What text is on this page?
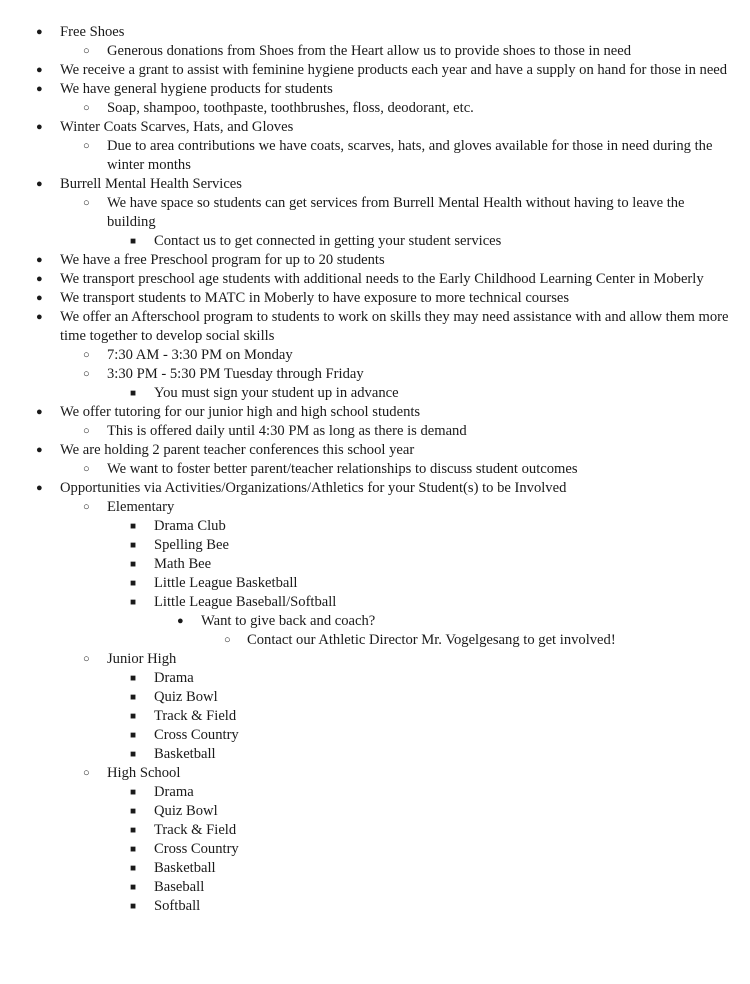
● Free Shoes
○ Generous donations from Shoes from the Heart allow us to provide shoes to those in need
● We receive a grant to assist with feminine hygiene products each year and have a supply on hand for those in need
● We have general hygiene products for students
○ Soap, shampoo, toothpaste, toothbrushes, floss, deodorant, etc.
● Winter Coats Scarves, Hats, and Gloves
○ Due to area contributions we have coats, scarves, hats, and gloves available for those in need during the winter months
● Burrell Mental Health Services
○ We have space so students can get services from Burrell Mental Health without having to leave the building
■ Contact us to get connected in getting your student services
● We have a free Preschool program for up to 20 students
● We transport preschool age students with additional needs to the Early Childhood Learning Center in Moberly
● We transport students to MATC in Moberly to have exposure to more technical courses
● We offer an Afterschool program to students to work on skills they may need assistance with and allow them more time together to develop social skills
○ 7:30 AM - 3:30 PM on Monday
○ 3:30 PM - 5:30 PM Tuesday through Friday
■ You must sign your student up in advance
● We offer tutoring for our junior high and high school students
○ This is offered daily until 4:30 PM as long as there is demand
● We are holding 2 parent teacher conferences this school year
○ We want to foster better parent/teacher relationships to discuss student outcomes
● Opportunities via Activities/Organizations/Athletics for your Student(s) to be Involved
○ Elementary
■ Drama Club
■ Spelling Bee
■ Math Bee
■ Little League Basketball
■ Little League Baseball/Softball
● Want to give back and coach?
○ Contact our Athletic Director Mr. Vogelgesang to get involved!
○ Junior High
■ Drama
■ Quiz Bowl
■ Track & Field
■ Cross Country
■ Basketball
○ High School
■ Drama
■ Quiz Bowl
■ Track & Field
■ Cross Country
■ Basketball
■ Baseball
■ Softball
